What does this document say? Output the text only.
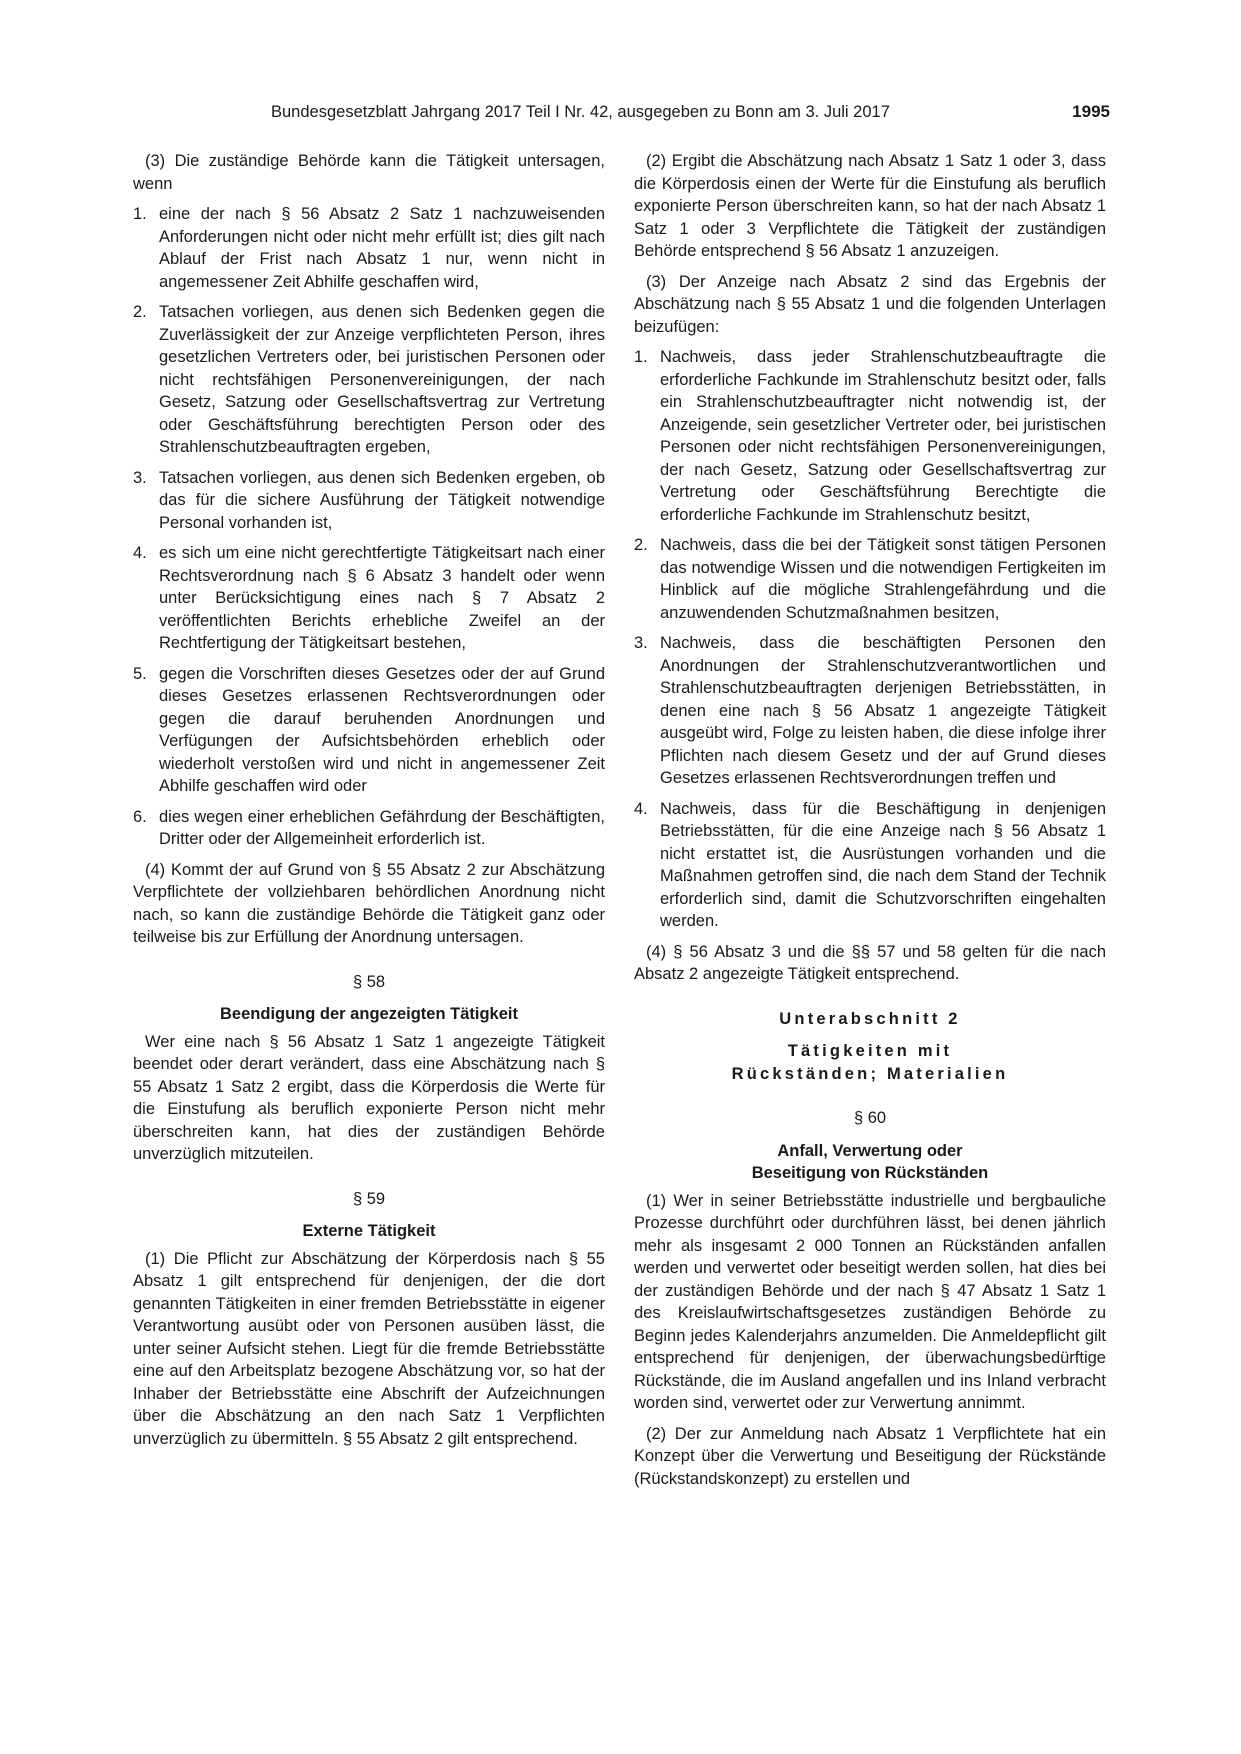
Bundesgesetzblatt Jahrgang 2017 Teil I Nr. 42, ausgegeben zu Bonn am 3. Juli 2017	1995

(3) Die zuständige Behörde kann die Tätigkeit untersagen, wenn

1. eine der nach § 56 Absatz 2 Satz 1 nachzuweisenden Anforderungen nicht oder nicht mehr erfüllt ist; dies gilt nach Ablauf der Frist nach Absatz 1 nur, wenn nicht in angemessener Zeit Abhilfe geschaffen wird,
2. Tatsachen vorliegen, aus denen sich Bedenken gegen die Zuverlässigkeit der zur Anzeige verpflichteten Person, ihres gesetzlichen Vertreters oder, bei juristischen Personen oder nicht rechtsfähigen Personenvereinigungen, der nach Gesetz, Satzung oder Gesellschaftsvertrag zur Vertretung oder Geschäftsführung berechtigten Person oder des Strahlenschutzbeauftragten ergeben,
3. Tatsachen vorliegen, aus denen sich Bedenken ergeben, ob das für die sichere Ausführung der Tätigkeit notwendige Personal vorhanden ist,
4. es sich um eine nicht gerechtfertigte Tätigkeitsart nach einer Rechtsverordnung nach § 6 Absatz 3 handelt oder wenn unter Berücksichtigung eines nach § 7 Absatz 2 veröffentlichten Berichts erhebliche Zweifel an der Rechtfertigung der Tätigkeitsart bestehen,
5. gegen die Vorschriften dieses Gesetzes oder der auf Grund dieses Gesetzes erlassenen Rechtsverordnungen oder gegen die darauf beruhenden Anordnungen und Verfügungen der Aufsichtsbehörden erheblich oder wiederholt verstoßen wird und nicht in angemessener Zeit Abhilfe geschaffen wird oder
6. dies wegen einer erheblichen Gefährdung der Beschäftigten, Dritter oder der Allgemeinheit erforderlich ist.

(4) Kommt der auf Grund von § 55 Absatz 2 zur Abschätzung Verpflichtete der vollziehbaren behördlichen Anordnung nicht nach, so kann die zuständige Behörde die Tätigkeit ganz oder teilweise bis zur Erfüllung der Anordnung untersagen.

§ 58
Beendigung der angezeigten Tätigkeit

Wer eine nach § 56 Absatz 1 Satz 1 angezeigte Tätigkeit beendet oder derart verändert, dass eine Abschätzung nach § 55 Absatz 1 Satz 2 ergibt, dass die Körperdosis die Werte für die Einstufung als beruflich exponierte Person nicht mehr überschreiten kann, hat dies der zuständigen Behörde unverzüglich mitzuteilen.

§ 59
Externe Tätigkeit

(1) Die Pflicht zur Abschätzung der Körperdosis nach § 55 Absatz 1 gilt entsprechend für denjenigen, der die dort genannten Tätigkeiten in einer fremden Betriebsstätte in eigener Verantwortung ausübt oder von Personen ausüben lässt, die unter seiner Aufsicht stehen. Liegt für die fremde Betriebsstätte eine auf den Arbeitsplatz bezogene Abschätzung vor, so hat der Inhaber der Betriebsstätte eine Abschrift der Aufzeichnungen über die Abschätzung an den nach Satz 1 Verpflichten unverzüglich zu übermitteln. § 55 Absatz 2 gilt entsprechend.

(2) Ergibt die Abschätzung nach Absatz 1 Satz 1 oder 3, dass die Körperdosis einen der Werte für die Einstufung als beruflich exponierte Person überschreiten kann, so hat der nach Absatz 1 Satz 1 oder 3 Verpflichtete die Tätigkeit der zuständigen Behörde entsprechend § 56 Absatz 1 anzuzeigen.

(3) Der Anzeige nach Absatz 2 sind das Ergebnis der Abschätzung nach § 55 Absatz 1 und die folgenden Unterlagen beizufügen:

1. Nachweis, dass jeder Strahlenschutzbeauftragte die erforderliche Fachkunde im Strahlenschutz besitzt oder, falls ein Strahlenschutzbeauftragter nicht notwendig ist, der Anzeigende, sein gesetzlicher Vertreter oder, bei juristischen Personen oder nicht rechtsfähigen Personenvereinigungen, der nach Gesetz, Satzung oder Gesellschaftsvertrag zur Vertretung oder Geschäftsführung Berechtigte die erforderliche Fachkunde im Strahlenschutz besitzt,
2. Nachweis, dass die bei der Tätigkeit sonst tätigen Personen das notwendige Wissen und die notwendigen Fertigkeiten im Hinblick auf die mögliche Strahlengefährdung und die anzuwendenden Schutzmaßnahmen besitzen,
3. Nachweis, dass die beschäftigten Personen den Anordnungen der Strahlenschutzverantwortlichen und Strahlenschutzbeauftragten derjenigen Betriebsstätten, in denen eine nach § 56 Absatz 1 angezeigte Tätigkeit ausgeübt wird, Folge zu leisten haben, die diese infolge ihrer Pflichten nach diesem Gesetz und der auf Grund dieses Gesetzes erlassenen Rechtsverordnungen treffen und
4. Nachweis, dass für die Beschäftigung in denjenigen Betriebsstätten, für die eine Anzeige nach § 56 Absatz 1 nicht erstattet ist, die Ausrüstungen vorhanden und die Maßnahmen getroffen sind, die nach dem Stand der Technik erforderlich sind, damit die Schutzvorschriften eingehalten werden.

(4) § 56 Absatz 3 und die §§ 57 und 58 gelten für die nach Absatz 2 angezeigte Tätigkeit entsprechend.

Unterabschnitt 2
Tätigkeiten mit
Rückständen; Materialien
§ 60
Anfall, Verwertung oder
Beseitigung von Rückständen

(1) Wer in seiner Betriebsstätte industrielle und bergbauliche Prozesse durchführt oder durchführen lässt, bei denen jährlich mehr als insgesamt 2 000 Tonnen an Rückständen anfallen werden und verwertet oder beseitigt werden sollen, hat dies bei der zuständigen Behörde und der nach § 47 Absatz 1 Satz 1 des Kreislaufwirtschaftsgesetzes zuständigen Behörde zu Beginn jedes Kalenderjahrs anzumelden. Die Anmeldepflicht gilt entsprechend für denjenigen, der überwachungsbedürftige Rückstände, die im Ausland angefallen und ins Inland verbracht worden sind, verwertet oder zur Verwertung annimmt.

(2) Der zur Anmeldung nach Absatz 1 Verpflichtete hat ein Konzept über die Verwertung und Beseitigung der Rückstände (Rückstandskonzept) zu erstellen und
